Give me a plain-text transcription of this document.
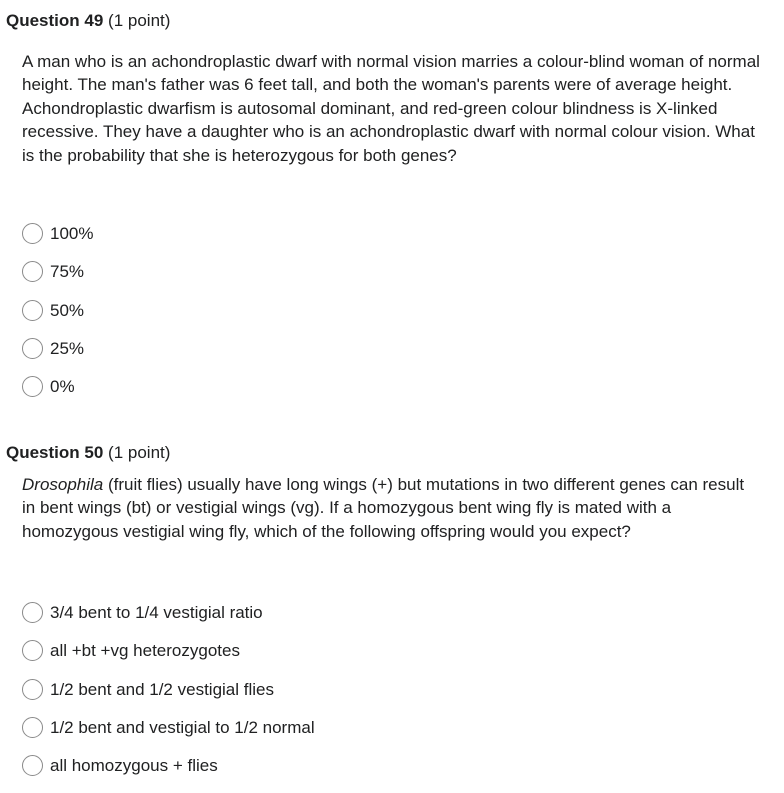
Question 49 (1 point)

A man who is an achondroplastic dwarf with normal vision marries a colour-blind woman of normal height. The man's father was 6 feet tall, and both the woman's parents were of average height. Achondroplastic dwarfism is autosomal dominant, and red-green colour blindness is X-linked recessive. They have a daughter who is an achondroplastic dwarf with normal colour vision. What is the probability that she is heterozygous for both genes?

100%
75%
50%
25%
0%
Question 50 (1 point)

Drosophila (fruit flies) usually have long wings (+) but mutations in two different genes can result in bent wings (bt) or vestigial wings (vg). If a homozygous bent wing fly is mated with a homozygous vestigial wing fly, which of the following offspring would you expect?

3/4 bent to 1/4 vestigial ratio
all +bt +vg heterozygotes
1/2 bent and 1/2 vestigial flies
1/2 bent and vestigial to 1/2 normal
all homozygous + flies
